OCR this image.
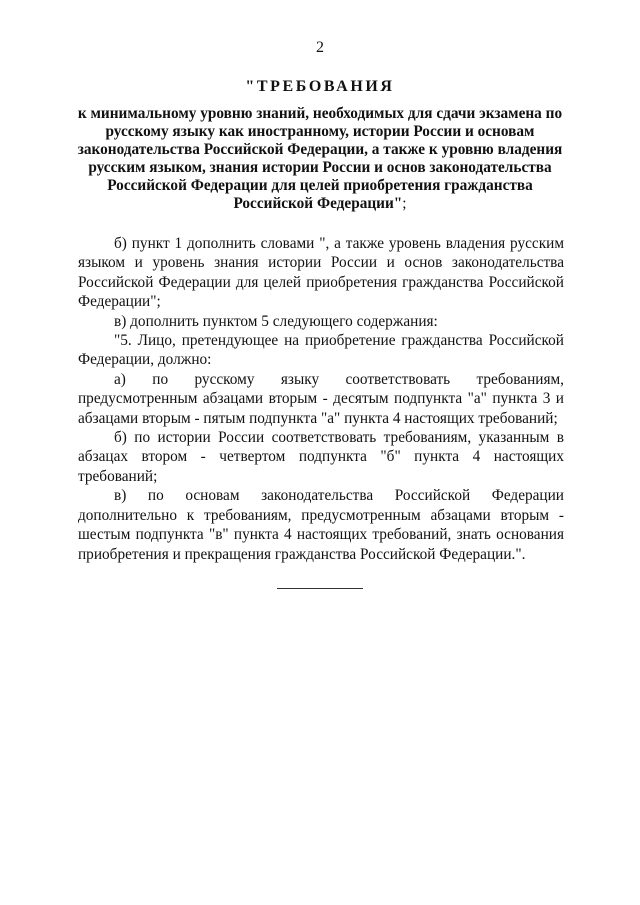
2
"ТРЕБОВАНИЯ
к минимальному уровню знаний, необходимых для сдачи экзамена по русскому языку как иностранному, истории России и основам законодательства Российской Федерации, а также к уровню владения русским языком, знания истории России и основ законодательства Российской Федерации для целей приобретения гражданства Российской Федерации";

б) пункт 1 дополнить словами ", а также уровень владения русским языком и уровень знания истории России и основ законодательства Российской Федерации для целей приобретения гражданства Российской Федерации";

в) дополнить пунктом 5 следующего содержания:

"5. Лицо, претендующее на приобретение гражданства Российской Федерации, должно:

а) по русскому языку соответствовать требованиям, предусмотренным абзацами вторым - десятым подпункта "а" пункта 3 и абзацами вторым - пятым подпункта "а" пункта 4 настоящих требований;

б) по истории России соответствовать требованиям, указанным в абзацах втором - четвертом подпункта "б" пункта 4 настоящих требований;

в) по основам законодательства Российской Федерации дополнительно к требованиям, предусмотренным абзацами вторым - шестым подпункта "в" пункта 4 настоящих требований, знать основания приобретения и прекращения гражданства Российской Федерации.".
